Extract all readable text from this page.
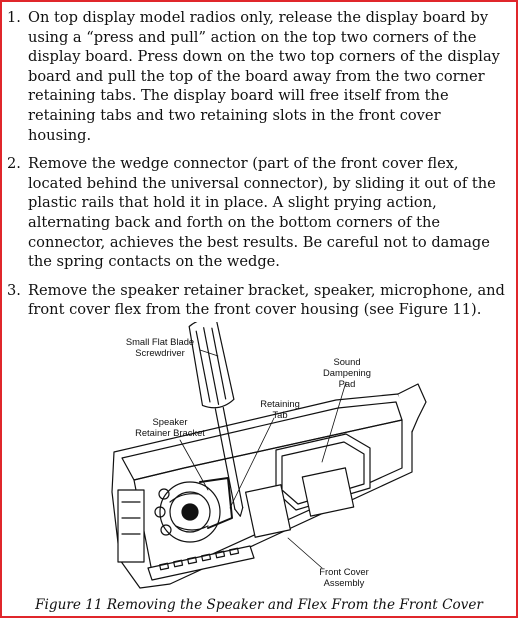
1. On top display model radios only, release the display board by using a “press and pull” action on the top two corners of the display board. Press down on the two top corners of the display board and pull the top of the board away from the two corner retaining tabs. The display board will free itself from the retaining tabs and two retaining slots in the front cover housing.
2. Remove the wedge connector (part of the front cover flex, located behind the universal connector), by sliding it out of the plastic rails that hold it in place. A slight prying action, alternating back and forth on the bottom corners of the connector, achieves the best results. Be careful not to damage the spring contacts on the wedge.
3. Remove the speaker retainer bracket, speaker, microphone, and front cover flex from the front cover housing (see Figure 11).
Small Flat Blade
Screwdriver
Sound
Dampening
Pad
Retaining
Tab
Speaker
Retainer Bracket
Front Cover
Assembly
Figure 11 Removing the Speaker and Flex From the Front Cover
